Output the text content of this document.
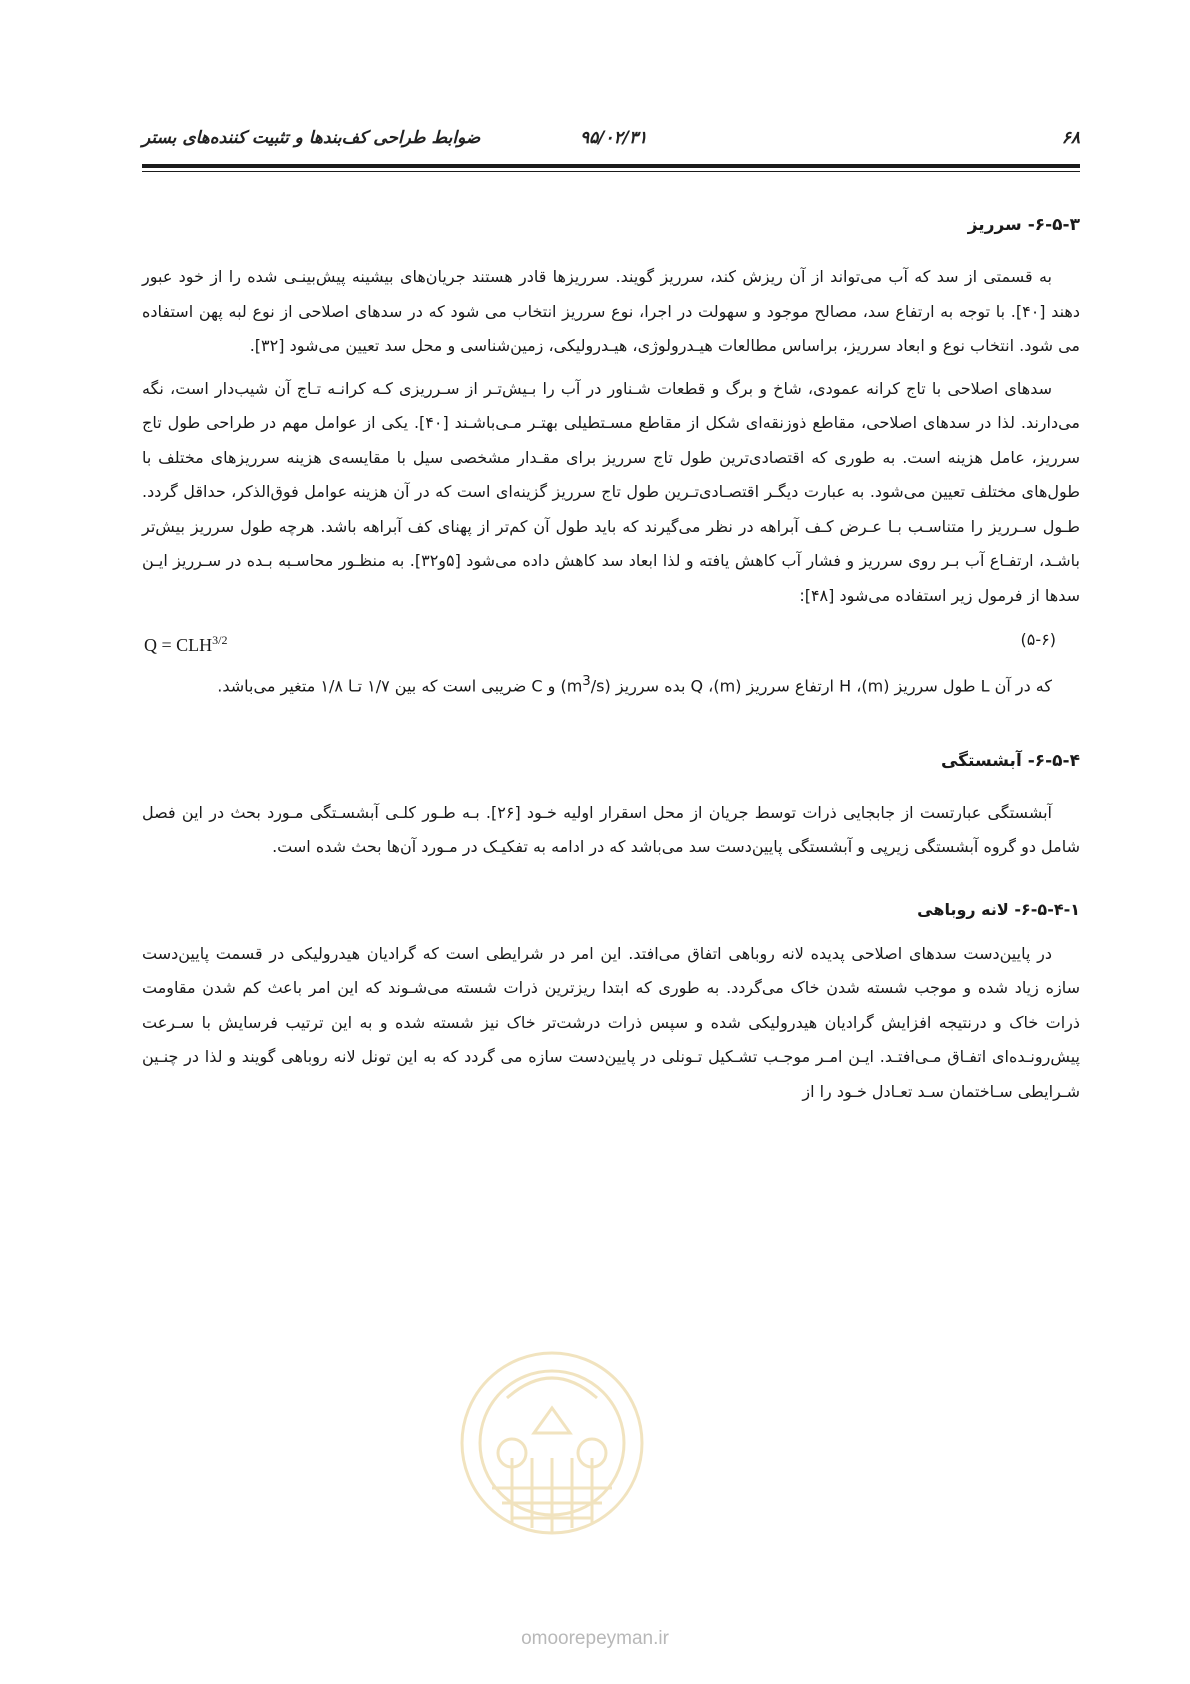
۶۸
۹۵/۰۲/۳۱
ضوابط طراحی کف‌بندها و تثبیت کننده‌های بستر
۶-۵-۳- سرریز

به قسمتی از سد که آب می‌تواند از آن ریزش کند، سرریز گویند. سرریزها قادر هستند جریان‌های بیشینه پیش‌بینـی شده را از خود عبور دهند [۴۰]. با توجه به ارتفاع سد، مصالح موجود و سهولت در اجرا، نوع سرریز انتخاب می شود که در سدهای اصلاحی از نوع لبه پهن استفاده می شود. انتخاب نوع و ابعاد سرریز، براساس مطالعات هیـدرولوژی، هیـدرولیکی، زمین‌شناسی و محل سد تعیین می‌شود [۳۲].

سدهای اصلاحی با تاج کرانه عمودی، شاخ و برگ و قطعات شـناور در آب را بـیش‌تـر از سـرریزی کـه کرانـه تـاج آن شیب‌دار است، نگه می‌دارند. لذا در سدهای اصلاحی، مقاطع ذوزنقه‌ای شکل از مقاطع مسـتطیلی بهتـر مـی‌باشـند [۴۰]. یکی از عوامل مهم در طراحی طول تاج سرریز، عامل هزینه است. به طوری که اقتصادی‌ترین طول تاج سرریز برای مقـدار مشخصی سیل با مقایسه‌ی هزینه سرریزهای مختلف با طول‌های مختلف تعیین می‌شود. به عبارت دیگـر اقتصـادی‌تـرین طول تاج سرریز گزینه‌ای است که در آن هزینه عوامل فوق‌الذکر، حداقل گردد. طـول سـرریز را متناسـب بـا عـرض کـف آبراهه در نظر می‌گیرند که باید طول آن کم‌تر از پهنای کف آبراهه باشد. هرچه طول سرریز بیش‌تر باشـد، ارتفـاع آب بـر روی سرریز و فشار آب کاهش یافته و لذا ابعاد سد کاهش داده می‌شود [۵و۳۲]. به منظـور محاسـبه بـده در سـرریز ایـن سدها از فرمول زیر استفاده می‌شود [۴۸]:

$Q = CLH^{3/2}$	(۵-۶)

که در آن L طول سرریز (m)، H ارتفاع سرریز (m)، Q بده سرریز $(m^3/s)$ و C ضریبی است که بین ۱/۷ تـا ۱/۸ متغیر می‌باشد.

۶-۵-۴- آبشستگی

آبشستگی عبارتست از جابجایی ذرات توسط جریان از محل اسقرار اولیه خـود [۲۶]. بـه طـور کلـی آبشسـتگی مـورد بحث در این فصل شامل دو گروه آبشستگی زیرپی و آبشستگی پایین‌دست سد می‌باشد که در ادامه به تفکیـک در مـورد آن‌ها بحث شده است.

۶-۵-۴-۱- لانه روباهی

در پایین‌دست سدهای اصلاحی پدیده لانه روباهی اتفاق می‌افتد. این امر در شرایطی است که گرادیان هیدرولیکی در قسمت پایین‌دست سازه زیاد شده و موجب شسته شدن خاک می‌گردد. به طوری که ابتدا ریزترین ذرات شسته می‌شـوند که این امر باعث کم شدن مقاومت ذرات خاک و درنتیجه افزایش گرادیان هیدرولیکی شده و سپس ذرات درشت‌تر خاک نیز شسته شده و به این ترتیب فرسایش با سـرعت پیش‌رونـده‌ای اتفـاق مـی‌افتـد. ایـن امـر موجـب تشـکیل تـونلی در پایین‌دست سازه می گردد که به این تونل لانه روباهی گویند و لذا در چنـین شـرایطی سـاختمان سـد تعـادل خـود را از

omoorepeyman.ir
